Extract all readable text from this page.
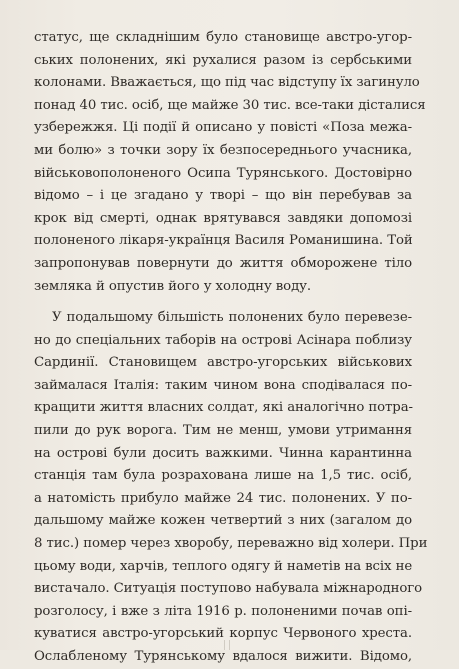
статус, ще складнішим було становище австро-угор-
ських полонених, які рухалися разом із сербськими
колонами. Вважається, що під час відступу їх загинуло
понад 40 тис. осіб, ще майже 30 тис. все-таки дісталися
узбережжя. Ці події й описано у повісті «Поза межа-
ми болю» з точки зору їх безпосереднього учасника,
військовополоненого Осипа Турянського. Достовірно
відомо – і це згадано у творі – що він перебував за
крок від смерті, однак врятувався завдяки допомозі
полоненого лікаря-українця Василя Романишина. Той
запропонував повернути до життя обморожене тіло
земляка й опустив його у холодну воду.
У подальшому більшість полонених було перевезе-
но до спеціальних таборів на острові Асінара поблизу
Сардинії. Становищем австро-угорських військових
займалася Італія: таким чином вона сподівалася по-
кращити життя власних солдат, які аналогічно потра-
пили до рук ворога. Тим не менш, умови утримання
на острові були досить важкими. Чинна карантинна
станція там була розрахована лише на 1,5 тис. осіб,
а натомість прибуло майже 24 тис. полонених. У по-
дальшому майже кожен четвертий з них (загалом до
8 тис.) помер через хворобу, переважно від холери. При
цьому води, харчів, теплого одягу й наметів на всіх не
вистачало. Ситуація поступово набувала міжнародного
розголосу, і вже з літа 1916 р. полоненими почав опі-
куватися австро-угорський корпус Червоного хреста.
Ослабленому Турянському вдалося вижити. Відомо,
